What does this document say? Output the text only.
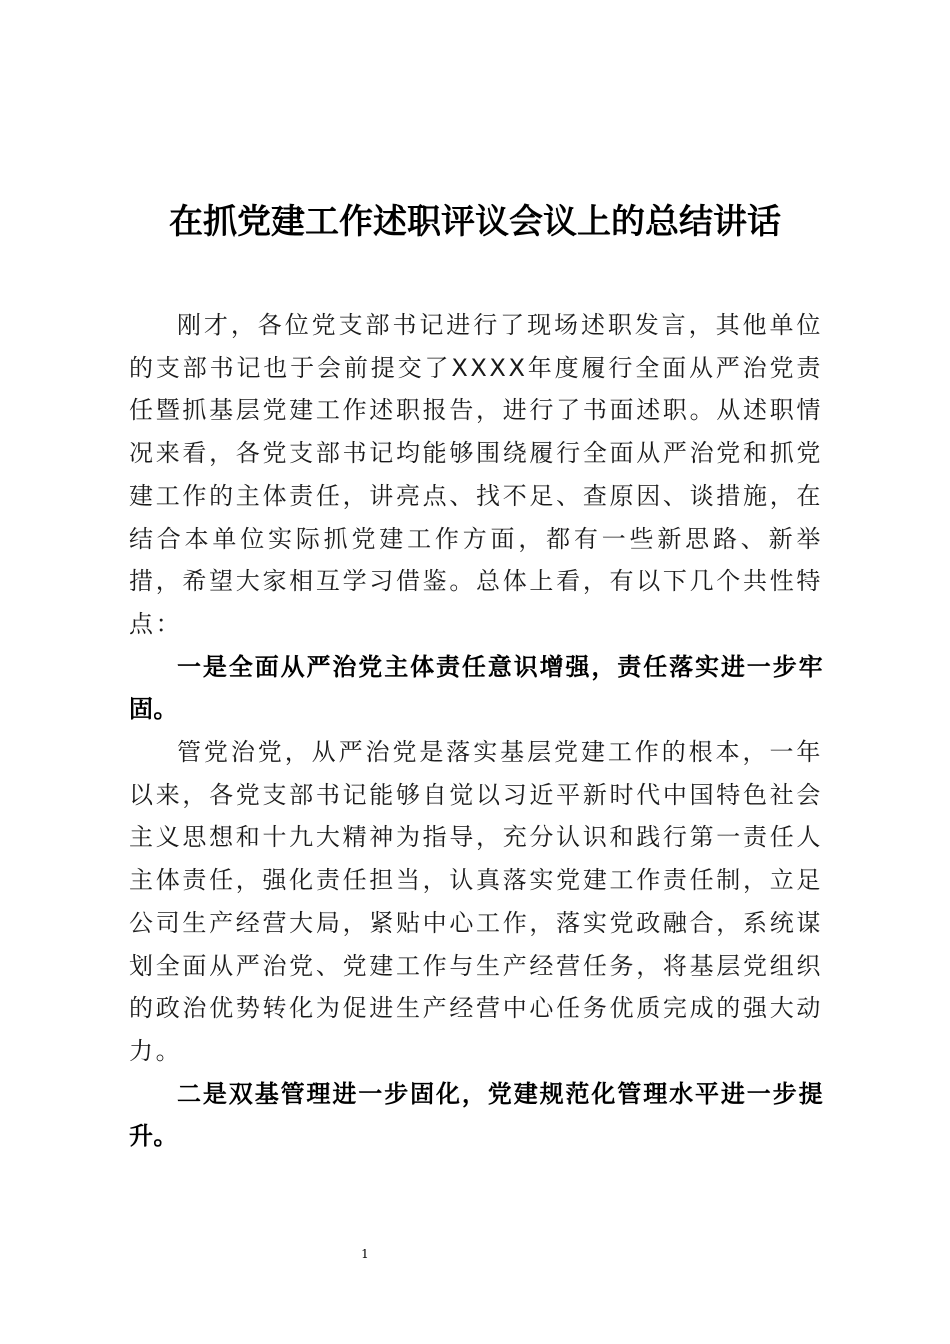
在抓党建工作述职评议会议上的总结讲话

刚才，各位党支部书记进行了现场述职发言，其他单位的支部书记也于会前提交了XXXX年度履行全面从严治党责任暨抓基层党建工作述职报告，进行了书面述职。从述职情况来看，各党支部书记均能够围绕履行全面从严治党和抓党建工作的主体责任，讲亮点、找不足、查原因、谈措施，在结合本单位实际抓党建工作方面，都有一些新思路、新举措，希望大家相互学习借鉴。总体上看，有以下几个共性特点：

一是全面从严治党主体责任意识增强，责任落实进一步牢固。

管党治党，从严治党是落实基层党建工作的根本，一年以来，各党支部书记能够自觉以习近平新时代中国特色社会主义思想和十九大精神为指导，充分认识和践行第一责任人主体责任，强化责任担当，认真落实党建工作责任制，立足公司生产经营大局，紧贴中心工作，落实党政融合，系统谋划全面从严治党、党建工作与生产经营任务，将基层党组织的政治优势转化为促进生产经营中心任务优质完成的强大动力。

二是双基管理进一步固化，党建规范化管理水平进一步提升。

1
